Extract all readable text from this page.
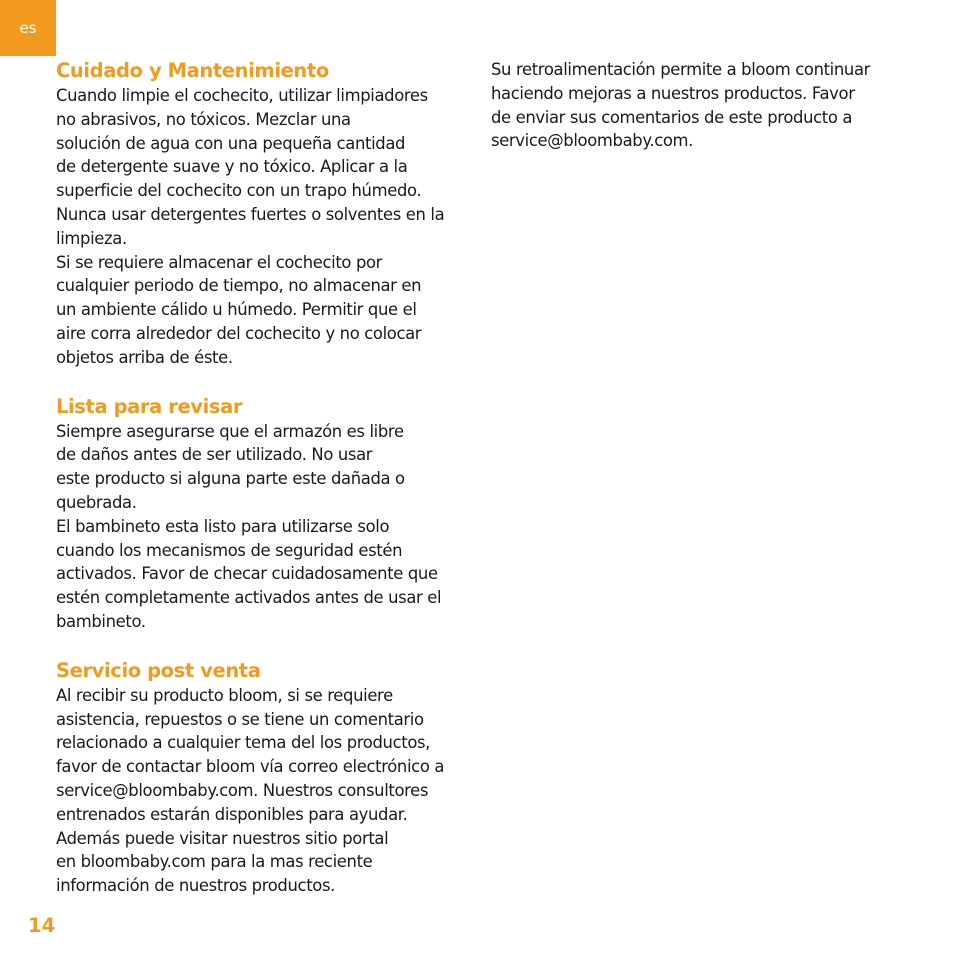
es
Cuidado y Mantenimiento

Cuando limpie el cochecito, utilizar limpiadores
no abrasivos, no tóxicos. Mezclar una
solución de agua con una pequeña cantidad
de detergente suave y no tóxico. Aplicar a la
superficie del cochecito con un trapo húmedo.
Nunca usar detergentes fuertes o solventes en la
limpieza.
Si se requiere almacenar el cochecito por
cualquier periodo de tiempo, no almacenar en
un ambiente cálido u húmedo. Permitir que el
aire corra alrededor del cochecito y no colocar
objetos arriba de éste.

Lista para revisar

Siempre asegurarse que el armazón es libre
de daños antes de ser utilizado. No usar
este producto si alguna parte este dañada o
quebrada.
El bambineto esta listo para utilizarse solo
cuando los mecanismos de seguridad estén
activados. Favor de checar cuidadosamente que
estén completamente activados antes de usar el
bambineto.

Servicio post venta

Al recibir su producto bloom, si se requiere
asistencia, repuestos o se tiene un comentario
relacionado a cualquier tema del los productos,
favor de contactar bloom vía correo electrónico a
service@bloombaby.com. Nuestros consultores
entrenados estarán disponibles para ayudar.
Además puede visitar nuestros sitio portal
en bloombaby.com para la mas reciente
información de nuestros productos.

Su retroalimentación permite a bloom continuar
haciendo mejoras a nuestros productos. Favor
de enviar sus comentarios de este producto a
service@bloombaby.com.

14
